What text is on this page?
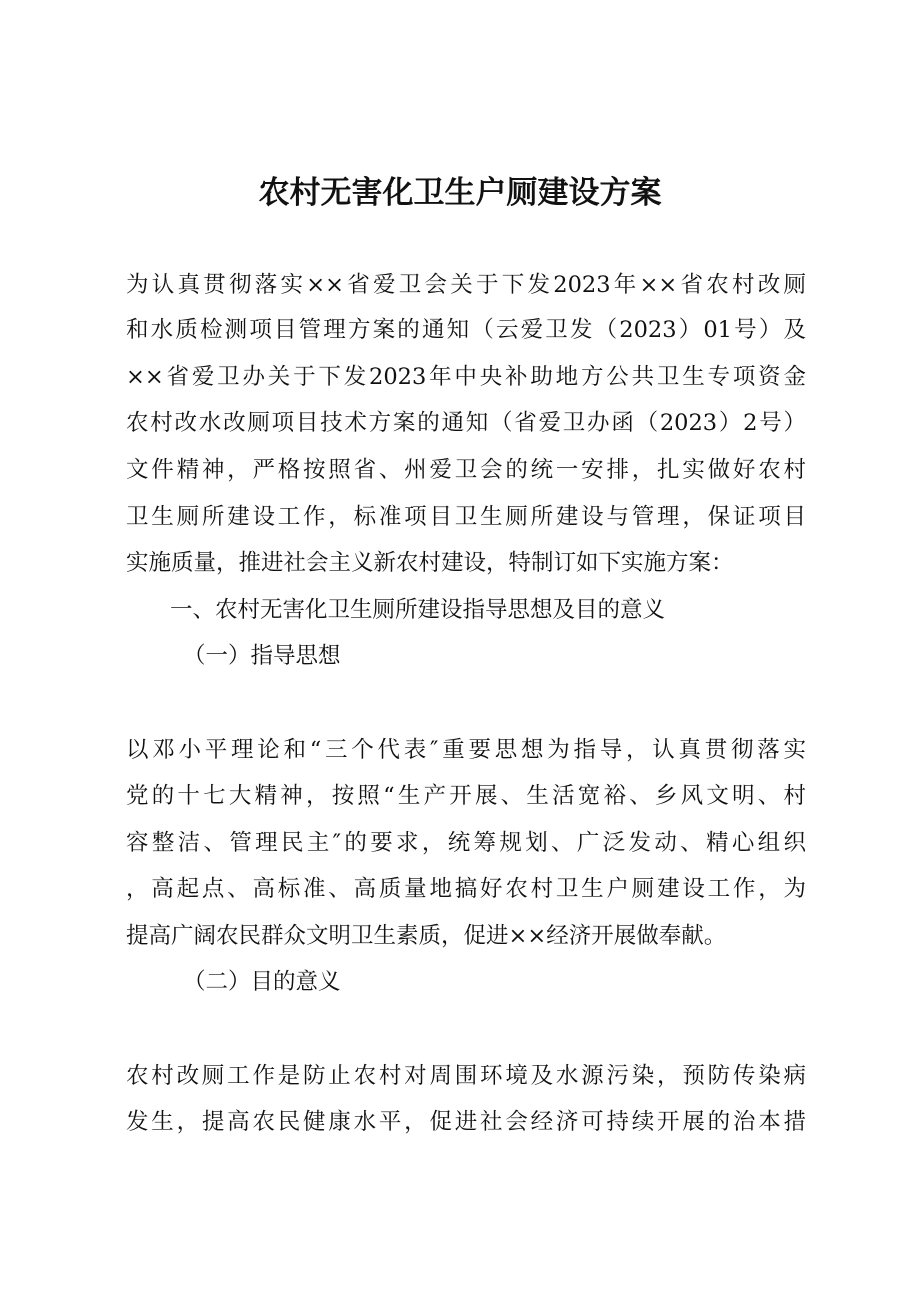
农村无害化卫生户厕建设方案
为认真贯彻落实××省爱卫会关于下发2023年××省农村改厕
和水质检测项目管理方案的通知（云爱卫发（2023）01号）及
××省爱卫办关于下发2023年中央补助地方公共卫生专项资金
农村改水改厕项目技术方案的通知（省爱卫办函（2023）2号）
文件精神，严格按照省、州爱卫会的统一安排，扎实做好农村
卫生厕所建设工作，标准项目卫生厕所建设与管理，保证项目
实施质量，推进社会主义新农村建设，特制订如下实施方案：
一、农村无害化卫生厕所建设指导思想及目的意义
（一）指导思想
以邓小平理论和“三个代表″重要思想为指导，认真贯彻落实
党的十七大精神，按照“生产开展、生活宽裕、乡风文明、村
容整洁、管理民主″的要求，统筹规划、广泛发动、精心组织
，高起点、高标准、高质量地搞好农村卫生户厕建设工作，为
提高广阔农民群众文明卫生素质，促进××经济开展做奉献。
（二）目的意义
农村改厕工作是防止农村对周围环境及水源污染，预防传染病
发生，提高农民健康水平，促进社会经济可持续开展的治本措
